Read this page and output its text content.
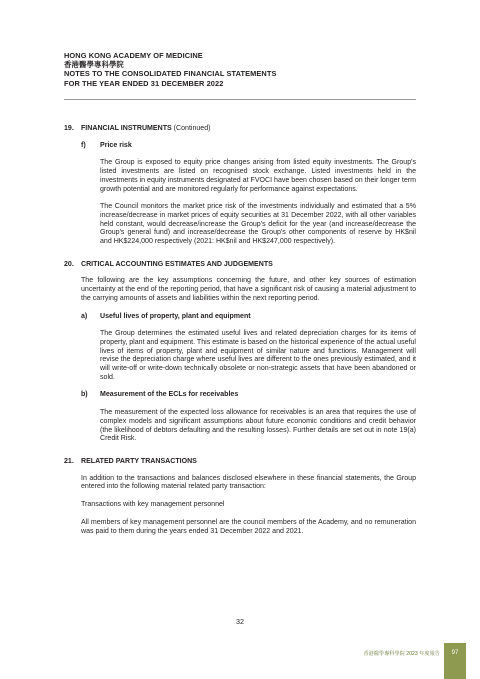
HONG KONG ACADEMY OF MEDICINE
香港醫學專科學院
NOTES TO THE CONSOLIDATED FINANCIAL STATEMENTS
FOR THE YEAR ENDED 31 DECEMBER 2022
19. FINANCIAL INSTRUMENTS (Continued)
f) Price risk

The Group is exposed to equity price changes arising from listed equity investments. The Group's listed investments are listed on recognised stock exchange. Listed investments held in the investments in equity instruments designated at FVOCI have been chosen based on their longer term growth potential and are monitored regularly for performance against expectations.

The Council monitors the market price risk of the investments individually and estimated that a 5% increase/decrease in market prices of equity securities at 31 December 2022, with all other variables held constant, would decrease/increase the Group's deficit for the year (and increase/decrease the Group's general fund) and increase/decrease the Group's other components of reserve by HK$nil and HK$224,000 respectively (2021: HK$nil and HK$247,000 respectively).

20. CRITICAL ACCOUNTING ESTIMATES AND JUDGEMENTS

The following are the key assumptions concerning the future, and other key sources of estimation uncertainty at the end of the reporting period, that have a significant risk of causing a material adjustment to the carrying amounts of assets and liabilities within the next reporting period.

a) Useful lives of property, plant and equipment

The Group determines the estimated useful lives and related depreciation charges for its items of property, plant and equipment. This estimate is based on the historical experience of the actual useful lives of items of property, plant and equipment of similar nature and functions. Management will revise the depreciation charge where useful lives are different to the ones previously estimated, and it will write-off or write-down technically obsolete or non-strategic assets that have been abandoned or sold.

b) Measurement of the ECLs for receivables

The measurement of the expected loss allowance for receivables is an area that requires the use of complex models and significant assumptions about future economic conditions and credit behavior (the likelihood of debtors defaulting and the resulting losses). Further details are set out in note 19(a) Credit Risk.

21. RELATED PARTY TRANSACTIONS

In addition to the transactions and balances disclosed elsewhere in these financial statements, the Group entered into the following material related party transaction:

Transactions with key management personnel

All members of key management personnel are the council members of the Academy, and no remuneration was paid to them during the years ended 31 December 2022 and 2021.

32
香港醫學專科學院 2023 年度報告	97
